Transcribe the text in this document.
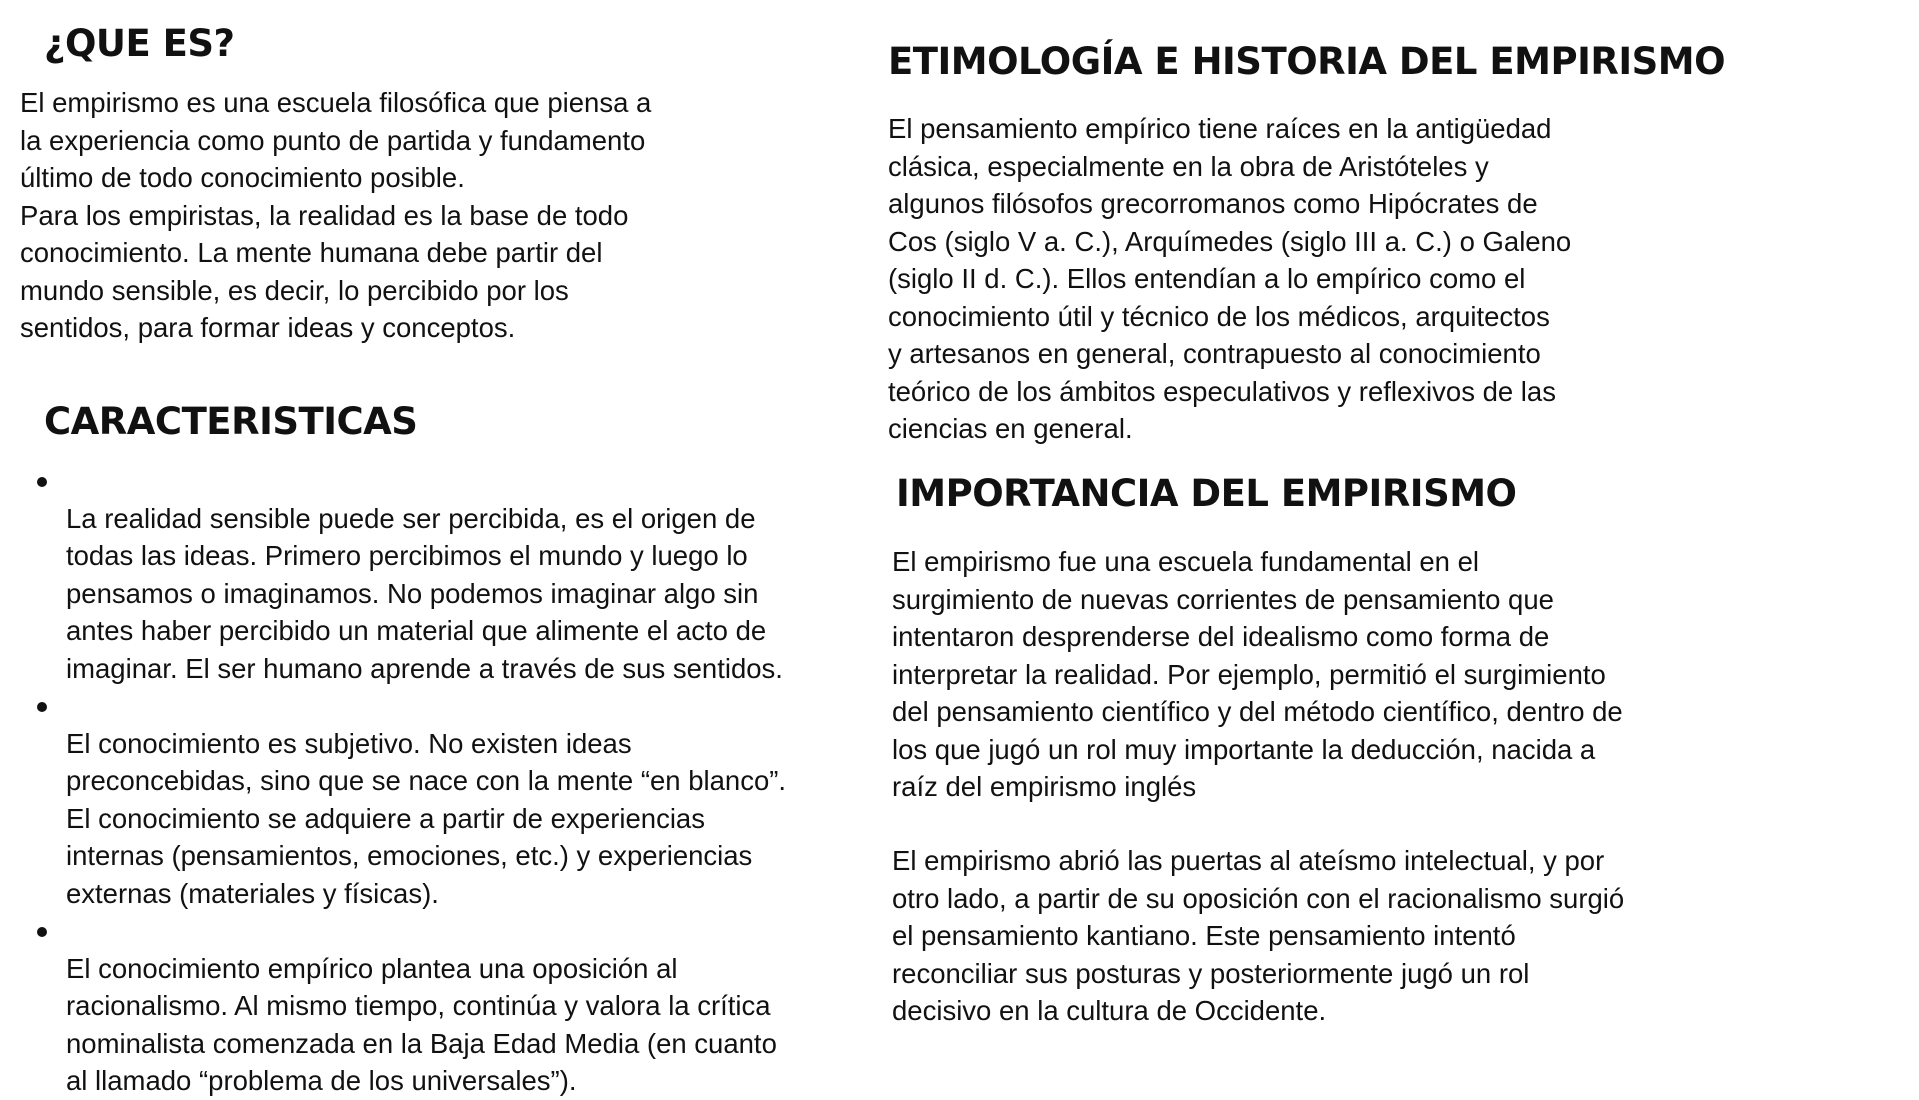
¿QUE ES?

El empirismo es una escuela filosófica que piensa a
la experiencia como punto de partida y fundamento
último de todo conocimiento posible.
Para los empiristas, la realidad es la base de todo
conocimiento. La mente humana debe partir del
mundo sensible, es decir, lo percibido por los
sentidos, para formar ideas y conceptos.

CARACTERISTICAS

La realidad sensible puede ser percibida, es el origen de
todas las ideas. Primero percibimos el mundo y luego lo
pensamos o imaginamos. No podemos imaginar algo sin
antes haber percibido un material que alimente el acto de
imaginar. El ser humano aprende a través de sus sentidos.

El conocimiento es subjetivo. No existen ideas
preconcebidas, sino que se nace con la mente “en blanco”.
El conocimiento se adquiere a partir de experiencias
internas (pensamientos, emociones, etc.) y experiencias
externas (materiales y físicas).

El conocimiento empírico plantea una oposición al
racionalismo. Al mismo tiempo, continúa y valora la crítica
nominalista comenzada en la Baja Edad Media (en cuanto
al llamado “problema de los universales”).

ETIMOLOGÍA E HISTORIA DEL EMPIRISMO

El pensamiento empírico tiene raíces en la antigüedad
clásica, especialmente en la obra de Aristóteles y
algunos filósofos grecorromanos como Hipócrates de
Cos (siglo V a. C.), Arquímedes (siglo III a. C.) o Galeno
(siglo II d. C.). Ellos entendían a lo empírico como el
conocimiento útil y técnico de los médicos, arquitectos
y artesanos en general, contrapuesto al conocimiento
teórico de los ámbitos especulativos y reflexivos de las
ciencias en general.

IMPORTANCIA DEL EMPIRISMO

El empirismo fue una escuela fundamental en el
surgimiento de nuevas corrientes de pensamiento que
intentaron desprenderse del idealismo como forma de
interpretar la realidad. Por ejemplo, permitió el surgimiento
del pensamiento científico y del método científico, dentro de
los que jugó un rol muy importante la deducción, nacida a
raíz del empirismo inglés

El empirismo abrió las puertas al ateísmo intelectual, y por
otro lado, a partir de su oposición con el racionalismo surgió
el pensamiento kantiano. Este pensamiento intentó
reconciliar sus posturas y posteriormente jugó un rol
decisivo en la cultura de Occidente.
